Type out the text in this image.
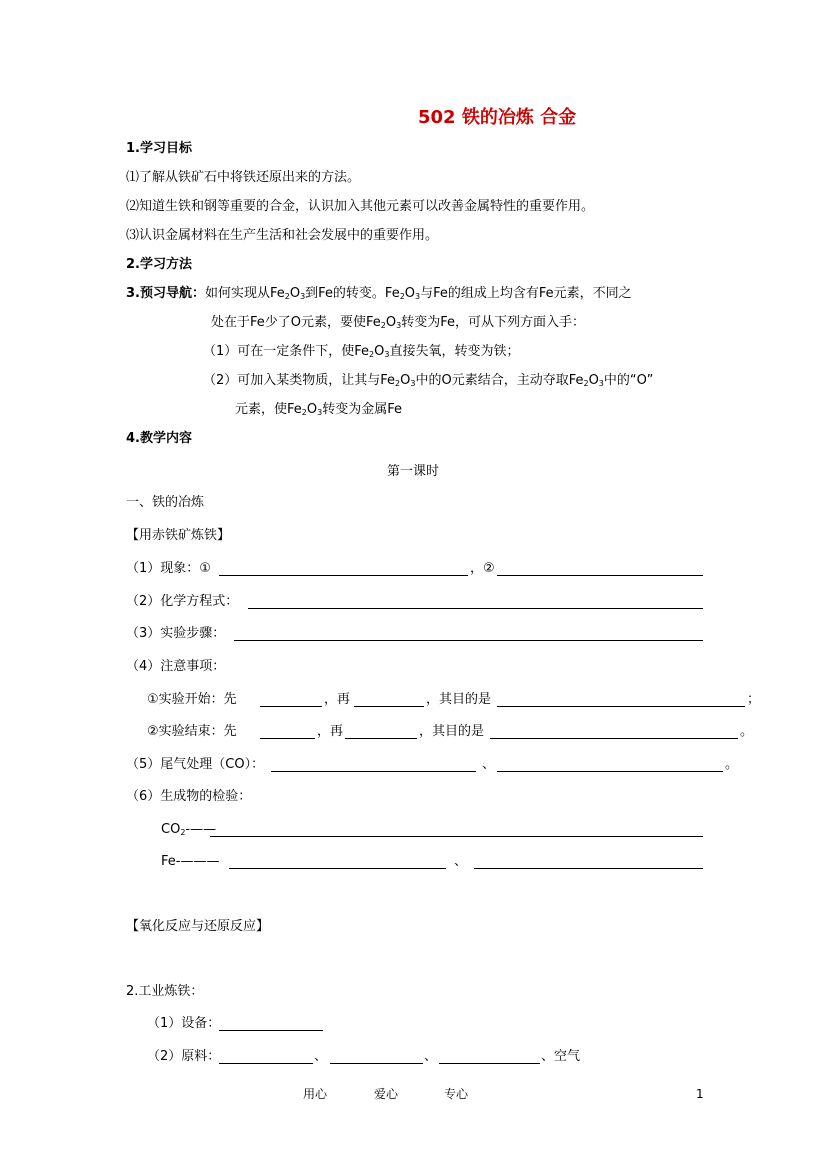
502 铁的冶炼 合金
1.学习目标
⑴了解从铁矿石中将铁还原出来的方法。
⑵知道生铁和钢等重要的合金，认识加入其他元素可以改善金属特性的重要作用。
⑶认识金属材料在生产生活和社会发展中的重要作用。
2.学习方法
3.预习导航：如何实现从$Fe_2O_3$到Fe的转变。$Fe_2O_3$与Fe的组成上均含有Fe元素，不同之
处在于Fe少了O元素，要使$Fe_2O_3$转变为Fe，可从下列方面入手：
（1）可在一定条件下，使$Fe_2O_3$直接失氧，转变为铁；
（2）可加入某类物质，让其与$Fe_2O_3$中的O元素结合，主动夺取$Fe_2O_3$中的“O”
元素，使$Fe_2O_3$转变为金属Fe
4.教学内容
第一课时
一、铁的冶炼
【用赤铁矿炼铁】
（1）现象：①	，②
（2）化学方程式：
（3）实验步骤：
（4）注意事项：
①实验开始：先	，再	，其目的是	；
②实验结束：先	，再	，其目的是	。
（5）尾气处理（CO）：	、	。
（6）生成物的检验：
$CO_2-——$
Fe-———	、
【氧化反应与还原反应】
2.工业炼铁：
（1）设备：
（2）原料：	、	、	、空气
用心	爱心	专心	1
